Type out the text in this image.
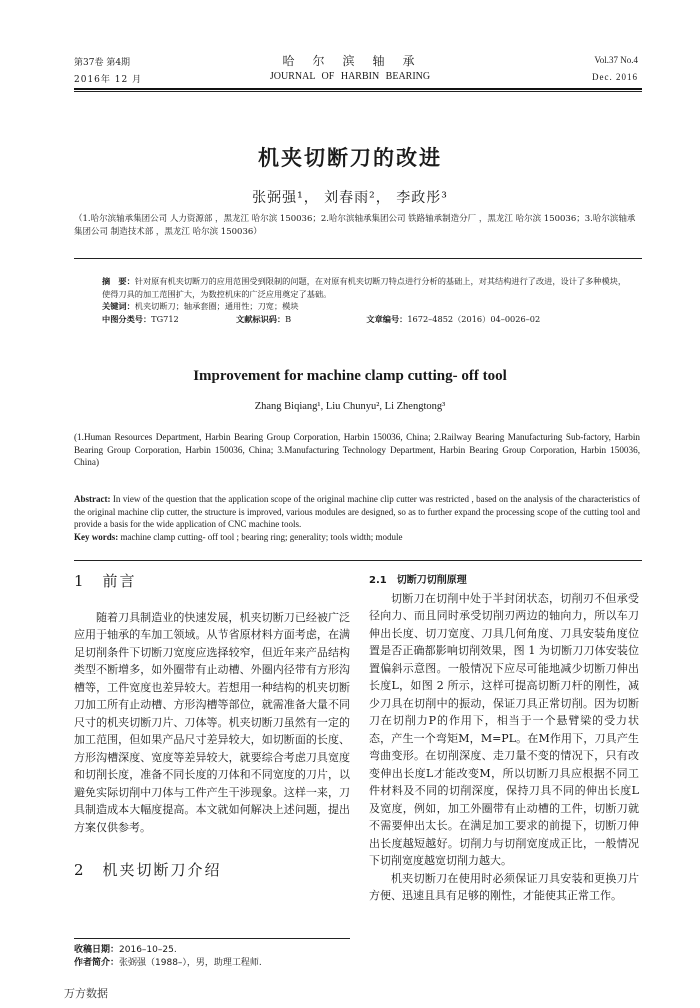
第37卷 第4期
2016年 12 月
哈　尔　滨　轴　承
JOURNAL OF HARBIN BEARING
Vol.37 No.4
Dec. 2016
机夹切断刀的改进
张弼强¹， 刘春雨²， 李政彤³
（1.哈尔滨轴承集团公司 人力资源部 ，黑龙江 哈尔滨 150036；2.哈尔滨轴承集团公司 铁路轴承制造分厂 ，黑龙江 哈尔滨 150036；3.哈尔滨轴承集团公司 制造技术部 ，黑龙江 哈尔滨 150036）
摘　要：针对原有机夹切断刀的应用范围受到限制的问题，在对原有机夹切断刀特点进行分析的基础上，对其结构进行了改进，设计了多种模块，使得刀具的加工范围扩大，为数控机床的广泛应用奠定了基础。
关键词：机夹切断刀；轴承套圈；通用性；刀宽；模块
中图分类号：TG712	文献标识码：B	文章编号：1672–4852（2016）04–0026–02
Improvement for machine clamp cutting- off tool
Zhang Biqiang¹, Liu Chunyu², Li Zhengtong³
(1.Human Resources Department, Harbin Bearing Group Corporation, Harbin 150036, China; 2.Railway Bearing Manufacturing Sub-factory, Harbin Bearing Group Corporation, Harbin 150036, China; 3.Manufacturing Technology Department, Harbin Bearing Group Corporation, Harbin 150036, China)
Abstract: In view of the question that the application scope of the original machine clip cutter was restricted , based on the analysis of the characteristics of the original machine clip cutter, the structure is improved, various modules are designed, so as to further expand the processing scope of the cutting tool and provide a basis for the wide application of CNC machine tools.
Key words: machine clamp cutting- off tool ; bearing ring; generality; tools width; module

1　前言

随着刀具制造业的快速发展，机夹切断刀已经被广泛应用于轴承的车加工领域。从节省原材料方面考虑，在满足切削条件下切断刀宽度应选择较窄，但近年来产品结构类型不断增多，如外圈带有止动槽、外圈内径带有方形沟槽等，工件宽度也差异较大。若想用一种结构的机夹切断刀加工所有止动槽、方形沟槽等部位，就需准备大量不同尺寸的机夹切断刀片、刀体等。机夹切断刀虽然有一定的加工范围，但如果产品尺寸差异较大，如切断面的长度、方形沟槽深度、宽度等差异较大，就要综合考虑刀具宽度和切削长度，准备不同长度的刀体和不同宽度的刀片，以避免实际切削中刀体与工件产生干涉现象。这样一来，刀具制造成本大幅度提高。本文就如何解决上述问题，提出方案仅供参考。

2　机夹切断刀介绍

收稿日期：2016–10–25.
作者简介：张弼强（1988–），男，助理工程师.

2.1　切断刀切削原理

切断刀在切削中处于半封闭状态，切削刃不但承受径向力、而且同时承受切削刃两边的轴向力，所以车刀伸出长度、切刀宽度、刀具几何角度、刀具安装角度位置是否正确都影响切削效果，图 1 为切断刀刀体安装位置偏斜示意图。一般情况下应尽可能地减少切断刀伸出长度L，如图 2 所示，这样可提高切断刀杆的刚性，减少刀具在切削中的振动，保证刀具正常切削。因为切断刀在切削力P的作用下，相当于一个悬臂梁的受力状态，产生一个弯矩M，M=PL。在M作用下，刀具产生弯曲变形。在切削深度、走刀量不变的情况下，只有改变伸出长度L才能改变M，所以切断刀具应根据不同工件材料及不同的切削深度，保持刀具不同的伸出长度L及宽度，例如，加工外圈带有止动槽的工件，切断刀就不需要伸出太长。在满足加工要求的前提下，切断刀伸出长度越短越好。切削力与切削宽度成正比，一般情况下切削宽度越宽切削力越大。

机夹切断刀在使用时必须保证刀具安装和更换刀片方便、迅速且具有足够的刚性，才能使其正常工作。

万方数据
